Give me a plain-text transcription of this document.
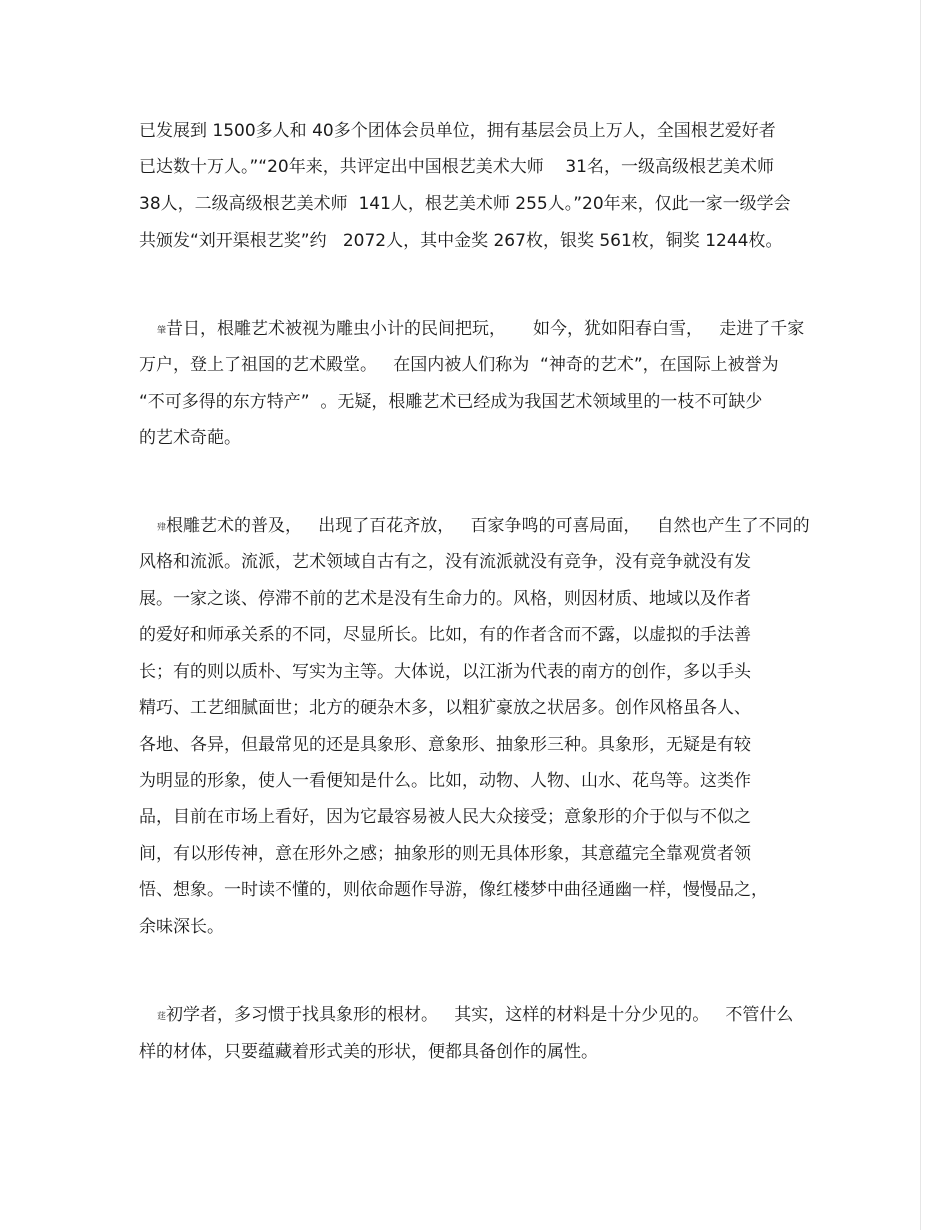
已发展到 1500多人和 40多个团体会员单位，拥有基层会员上万人，全国根艺爱好者
已达数十万人。”“20年来，共评定出中国根艺美术大师    31名，一级高级根艺美术师
38人，二级高级根艺美术师  141人，根艺美术师 255人。”20年来，仅此一家一级学会
共颁发“刘开渠根艺奖”约   2072人，其中金奖 267枚，银奖 561枚，铜奖 1244枚。
肇昔日，根雕艺术被视为雕虫小计的民间把玩，     如今，犹如阳春白雪，   走进了千家
万户，登上了祖国的艺术殿堂。   在国内被人们称为  “神奇的艺术”，在国际上被誉为
“不可多得的东方特产”  。无疑，根雕艺术已经成为我国艺术领域里的一枝不可缺少
的艺术奇葩。
肂根雕艺术的普及，   出现了百花齐放，   百家争鸣的可喜局面，   自然也产生了不同的
风格和流派。流派，艺术领域自古有之，没有流派就没有竞争，没有竞争就没有发
展。一家之谈、停滞不前的艺术是没有生命力的。风格，则因材质、地域以及作者
的爱好和师承关系的不同，尽显所长。比如，有的作者含而不露，以虚拟的手法善
长；有的则以质朴、写实为主等。大体说，以江浙为代表的南方的创作，多以手头
精巧、工艺细腻面世；北方的硬杂木多，以粗犷豪放之状居多。创作风格虽各人、
各地、各异，但最常见的还是具象形、意象形、抽象形三种。具象形，无疑是有较
为明显的形象，使人一看便知是什么。比如，动物、人物、山水、花鸟等。这类作
品，目前在市场上看好，因为它最容易被人民大众接受；意象形的介于似与不似之
间，有以形传神，意在形外之感；抽象形的则无具体形象，其意蕴完全靠观赏者领
悟、想象。一时读不懂的，则依命题作导游，像红楼梦中曲径通幽一样，慢慢品之，
余味深长。
莛初学者，多习惯于找具象形的根材。   其实，这样的材料是十分少见的。   不管什么
样的材体，只要蕴藏着形式美的形状，便都具备创作的属性。
